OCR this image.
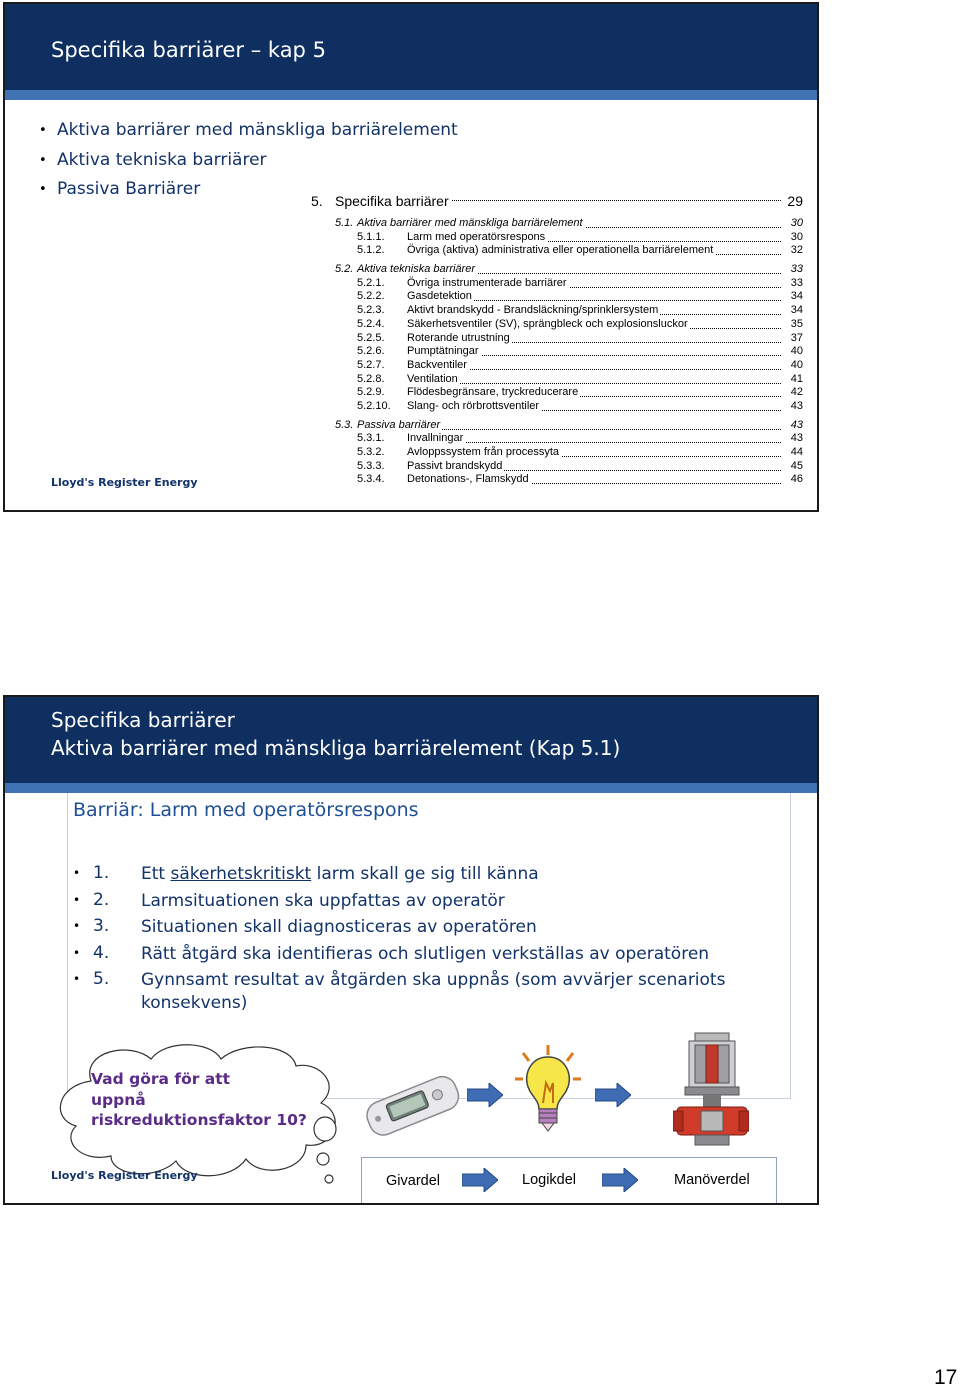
Specifika barriärer – kap 5
• Aktiva barriärer med mänskliga barriärelement
• Aktiva tekniska barriärer
• Passiva Barriärer
5. Specifika barriärer	29
5.1. Aktiva barriärer med mänskliga barriärelement	30
5.1.1. Larm med operatörsrespons	30
5.1.2. Övriga (aktiva) administrativa eller operationella barriärelement	32
5.2. Aktiva tekniska barriärer	33
5.2.1. Övriga instrumenterade barriärer	33
5.2.2. Gasdetektion	34
5.2.3. Aktivt brandskydd - Brandsläckning/sprinklersystem	34
5.2.4. Säkerhetsventiler (SV), sprängbleck och explosionsluckor	35
5.2.5. Roterande utrustning	37
5.2.6. Pumptätningar	40
5.2.7. Backventiler	40
5.2.8. Ventilation	41
5.2.9. Flödesbegränsare, tryckreducerare	42
5.2.10. Slang- och rörbrottsventiler	43
5.3. Passiva barriärer	43
5.3.1. Invallningar	43
5.3.2. Avloppssystem från processyta	44
5.3.3. Passivt brandskydd	45
5.3.4. Detonations-, Flamskydd	46
Lloyd's Register Energy
Specifika barriärer
Aktiva barriärer med mänskliga barriärelement (Kap 5.1)
Barriär: Larm med operatörsrespons
• 1. Ett säkerhetskritiskt larm skall ge sig till känna
• 2. Larmsituationen ska uppfattas av operatör
• 3. Situationen skall diagnosticeras av operatören
• 4. Rätt åtgärd ska identifieras och slutligen verkställas av operatören
• 5. Gynnsamt resultat av åtgärden ska uppnås (som avvärjer scenariots konsekvens)
Vad göra för att
uppnå
riskreduktionsfaktor 10?
Givardel	Logikdel	Manöverdel
Lloyd's Register Energy
17
